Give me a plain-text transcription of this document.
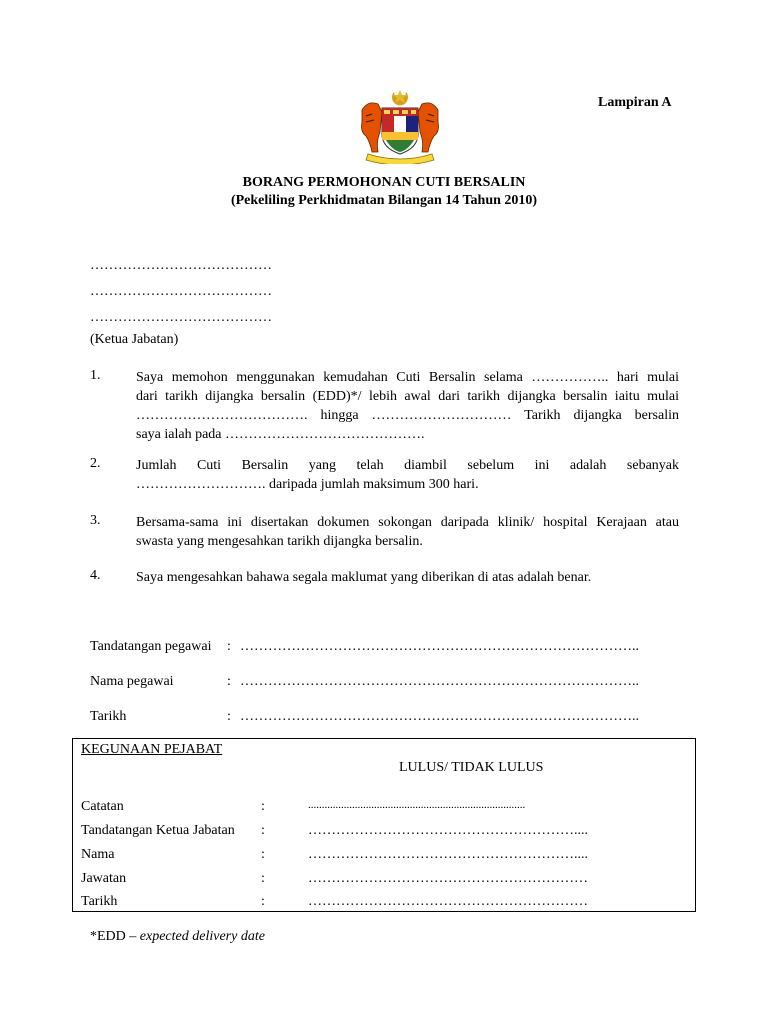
Lampiran A
BORANG PERMOHONAN CUTI BERSALIN
(Pekeliling Perkhidmatan Bilangan 14 Tahun 2010)
…………………………………
…………………………………
…………………………………
(Ketua Jabatan)
1.	Saya memohon menggunakan kemudahan Cuti Bersalin selama …………….. hari mulai
dari tarikh dijangka bersalin (EDD)*/ lebih awal dari tarikh dijangka bersalin iaitu mulai
………………………………. hingga ………………………… Tarikh dijangka bersalin
saya ialah pada …………………………………….
2.	Jumlah Cuti Bersalin yang telah diambil sebelum ini adalah sebanyak
………………………. daripada jumlah maksimum 300 hari.
3.	Bersama-sama ini disertakan dokumen sokongan daripada klinik/ hospital Kerajaan atau
swasta yang mengesahkan tarikh dijangka bersalin.
4.	Saya mengesahkan bahawa segala maklumat yang diberikan di atas adalah benar.
Tandatangan pegawai : …………………………………………………………………………..
Nama pegawai	: …………………………………………………………………………..
Tarikh	: …………………………………………………………………………..
KEGUNAAN PEJABAT
LULUS/ TIDAK LULUS
Catatan	:	...............................................................................
Tandatangan Ketua Jabatan :	…………………………………………………....
Nama	:	…………………………………………………....
Jawatan	:	……………………………………………………
Tarikh	:	……………………………………………………
*EDD – expected delivery date
